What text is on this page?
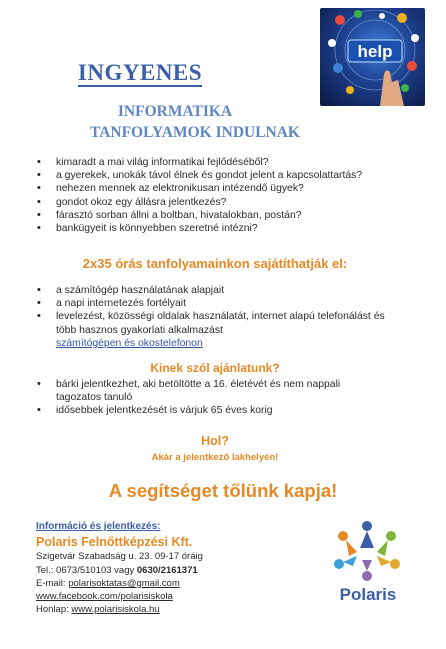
INGYENES
INFORMATIKA
TANFOLYAMOK INDULNAK
help
• kimaradt a mai világ informatikai fejlődéséből?
• a gyerekek, unokák távol élnek és gondot jelent a kapcsolattartás?
• nehezen mennek az elektronikusan intézendő ügyek?
• gondot okoz egy állásra jelentkezés?
• fárasztó sorban állni a boltban, hivatalokban, postán?
• bankügyeit is könnyebben szeretné intézni?
2x35 órás tanfolyamainkon sajátíthatják el:
• a számítógép használatának alapjait
• a napi internetezés fortélyait
• levelezést, közösségi oldalak használatát, internet alapú telefonálást és több hasznos gyakorlati alkalmazást
számítógépen és okostelefonon
Kinek szól ajánlatunk?
• bárki jelentkezhet, aki betöltötte a 16. életévét és nem nappali tagozatos tanuló
• idősebbek jelentkezését is várjuk 65 éves korig
Hol?
Akár a jelentkező lakhelyén!
A segítséget tőlünk kapja!
Információ és jelentkezés:
Polaris Felnőttképzési Kft.
Szigetvár Szabadság u. 23. 09-17 óráig
Tel.: 0673/510103 vagy 0630/2161371
E-mail: polarisoktatas@gmail.com
www.facebook.com/polarisiskola
Honlap: www.polarisiskola.hu
Polaris
